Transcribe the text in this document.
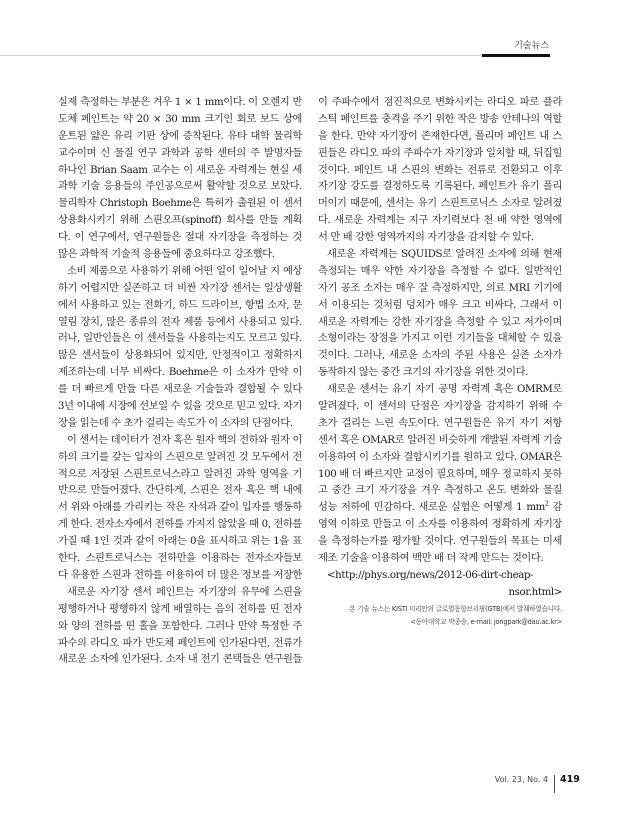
기술뉴스
실제 측정하는 부분은 겨우 1 × 1 mm이다. 이 오렌지 반
도체 페인트는 약 20 × 30 mm 크기인 회로 보드 상에
운트된 얇은 유리 기판 상에 증착된다. 유타 대학 물리학
교수이며 신 물질 연구 과학과 공학 센터의 주 발명자들
하나인 Brian Saam 교수는 이 새로운 자력계는 현실 세
과학 기술 응용들의 주인공으로써 활약할 것으로 보았다.
물리학자 Christoph Boehme은 특허가 출원된 이 센서
상용화시키기 위해 스핀오프(spinoff) 회사를 만들 계획
다. 이 연구에서, 연구원들은 절대 자기장을 측정하는 것
많은 과학적 기술적 응용들에 중요하다고 강조했다.
소비 제품으로 사용하기 위해 어떤 일이 일어날 지 예상
하기 어렵지만 실존하고 더 비싼 자기장 센서는 일상생활
에서 사용하고 있는 전화기, 하드 드라이브, 항법 소자, 문
열림 장치, 많은 종류의 전자 제품 등에서 사용되고 있다.
러나, 일반인들은 이 센서들을 사용하는지도 모르고 있다.
많은 센서들이 상용화되어 있지만, 안정적이고 정확하지
제조하는데 너무 비싸다. Boehme은 이 소자가 만약 이
를 더 빠르게 만들 다른 새로운 기술들과 결합될 수 있다
3년 이내에 시장에 선보일 수 있을 것으로 믿고 있다. 자기
장을 읽는데 수 초가 걸리는 속도가 이 소자의 단점이다.
이 센서는 데이터가 전자 혹은 원자 핵의 전하와 원자 이
하의 크기를 갖는 입자의 스핀으로 알려진 것 모두에서 전
적으로 저장된 스핀트로닉스라고 알려진 과학 영역을 기
반으로 만들어졌다. 간단하게, 스핀은 전자 혹은 핵 내에
서 위와 아래를 가리키는 작은 자석과 같이 입자를 행동하
게 한다. 전자소자에서 전하를 가지지 않았을 때 0, 전하를
가질 때 1인 것과 같이 아래는 0을 표시하고 위는 1을 표
한다. 스핀트로닉스는 전하만을 이용하는 전자소자들보
다 유용한 스핀과 전하를 이용하여 더 많은 정보를 저장한
새로운 자기장 센서 페인트는 자기장의 유무에 스핀을
평행하거나 평행하지 않게 배열하는 음의 전하를 띤 전자
와 양의 전하를 띤 홀을 포함한다. 그러나 만약 특정한 주
파수의 라디오 파가 반도체 페인트에 인가된다면, 전류가
새로운 소자에 인가된다. 소자 내 전기 콘택들은 연구원들
이 주파수에서 점진적으로 변화시키는 라디오 파로 플라
스틱 페인트를 충격을 주기 위한 작은 방송 안테나의 역할
을 한다. 만약 자기장이 존재한다면, 폴리머 페인트 내 스
핀들은 라디오 파의 주파수가 자기장과 일치할 때, 뒤집힐
것이다. 페인트 내 스핀의 변화는 전류로 전환되고 이후
자기장 강도를 결정하도록 기록된다. 페인트가 유기 폴리
머이기 때문에, 센서는 유기 스핀트로닉스 소자로 알려졌
다. 새로운 자력계는 지구 자기력보다 천 배 약한 영역에
서 만 배 강한 영역까지의 자기장을 감지할 수 있다.
새로운 자력계는 SQUIDS로 알려진 소자에 의해 현재
측정되는 매우 약한 자기장을 측정할 수 없다. 일반적인
자기 공조 소자는 매우 잘 측정하지만, 의료 MRI 기기에
서 이용되는 것처럼 덩치가 매우 크고 비싸다. 그래서 이
새로운 자력계는 강한 자기장을 측정할 수 있고 저가이며
소형이라는 장점을 가지고 이런 기기들을 대체할 수 있을
것이다. 그러나, 새로운 소자의 주된 사용은 실존 소자가
동작하지 않는 중간 크기의 자기장을 위한 것이다.
새로운 센서는 유기 자기 공명 자력계 혹은 OMRM로
알려졌다. 이 센서의 단점은 자기장을 감지하기 위해 수
초가 걸리는 느린 속도이다. 연구원들은 유기 자기 저항
센서 혹은 OMAR로 알려진 비슷하게 개발된 자력계 기술
이용하여 이 소자와 결합시키기를 원하고 있다. OMAR은
100 배 더 빠르지만 교정이 필요하며, 매우 정교하지 못하
고 중간 크기 자기장을 겨우 측정하고 온도 변화와 물질
성능 저하에 민감하다. 새로운 실험은 어떻게 1 $mm^2$ 감
영역 이하로 만들고 이 소자를 이용하여 정확하게 자기장
을 측정하는가를 평가할 것이다. 연구원들의 목표는 미세
제조 기술을 이용하여 백만 배 더 작게 만드는 것이다.
<http://phys.org/news/2012-06-dirt-cheap-
nsor.html>
본 기술 뉴스는 KISTI 미리안의 글로벌동향브리핑(GTB)에서 발췌하였습니다.
<동아대학교 박종승, e-mail: jongpark@dau.ac.kr>
Vol. 23, No. 4 419
